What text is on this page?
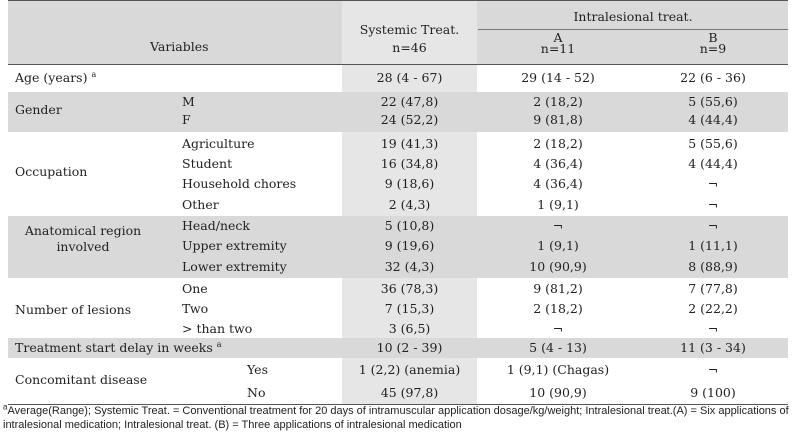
Variables
Systemic Treat.
n=46
Intralesional treat.
A
n=11
B
n=9
Age (years) $^a$	28 (4 - 67)	29 (14 - 52)	22 (6 - 36)
Gender
M	22 (47,8)	2 (18,2)	5 (55,6)
F	24 (52,2)	9 (81,8)	4 (44,4)
Occupation
Agriculture	19 (41,3)	2 (18,2)	5 (55,6)
Student	16 (34,8)	4 (36,4)	4 (44,4)
Household chores	9 (18,6)	4 (36,4)	¬
Other	2 (4,3)	1 (9,1)	¬
Anatomical region
involved
Head/neck	5 (10,8)	¬	¬
Upper extremity	9 (19,6)	1 (9,1)	1 (11,1)
Lower extremity	32 (4,3)	10 (90,9)	8 (88,9)
Number of lesions
One	36 (78,3)	9 (81,2)	7 (77,8)
Two	7 (15,3)	2 (18,2)	2 (22,2)
> than two	3 (6,5)	¬	¬
Treatment start delay in weeks $^a$	10 (2 - 39)	5 (4 - 13)	11 (3 - 34)
Concomitant disease
Yes	1 (2,2) (anemia)	1 (9,1) (Chagas)	¬
No	45 (97,8)	10 (90,9)	9 (100)
$^a$Average(Range); Systemic Treat. = Conventional treatment for 20 days of intramuscular application dosage/kg/weight; Intralesional treat.(A) = Six applications of intralesional medication; Intralesional treat. (B) = Three applications of intralesional medication
